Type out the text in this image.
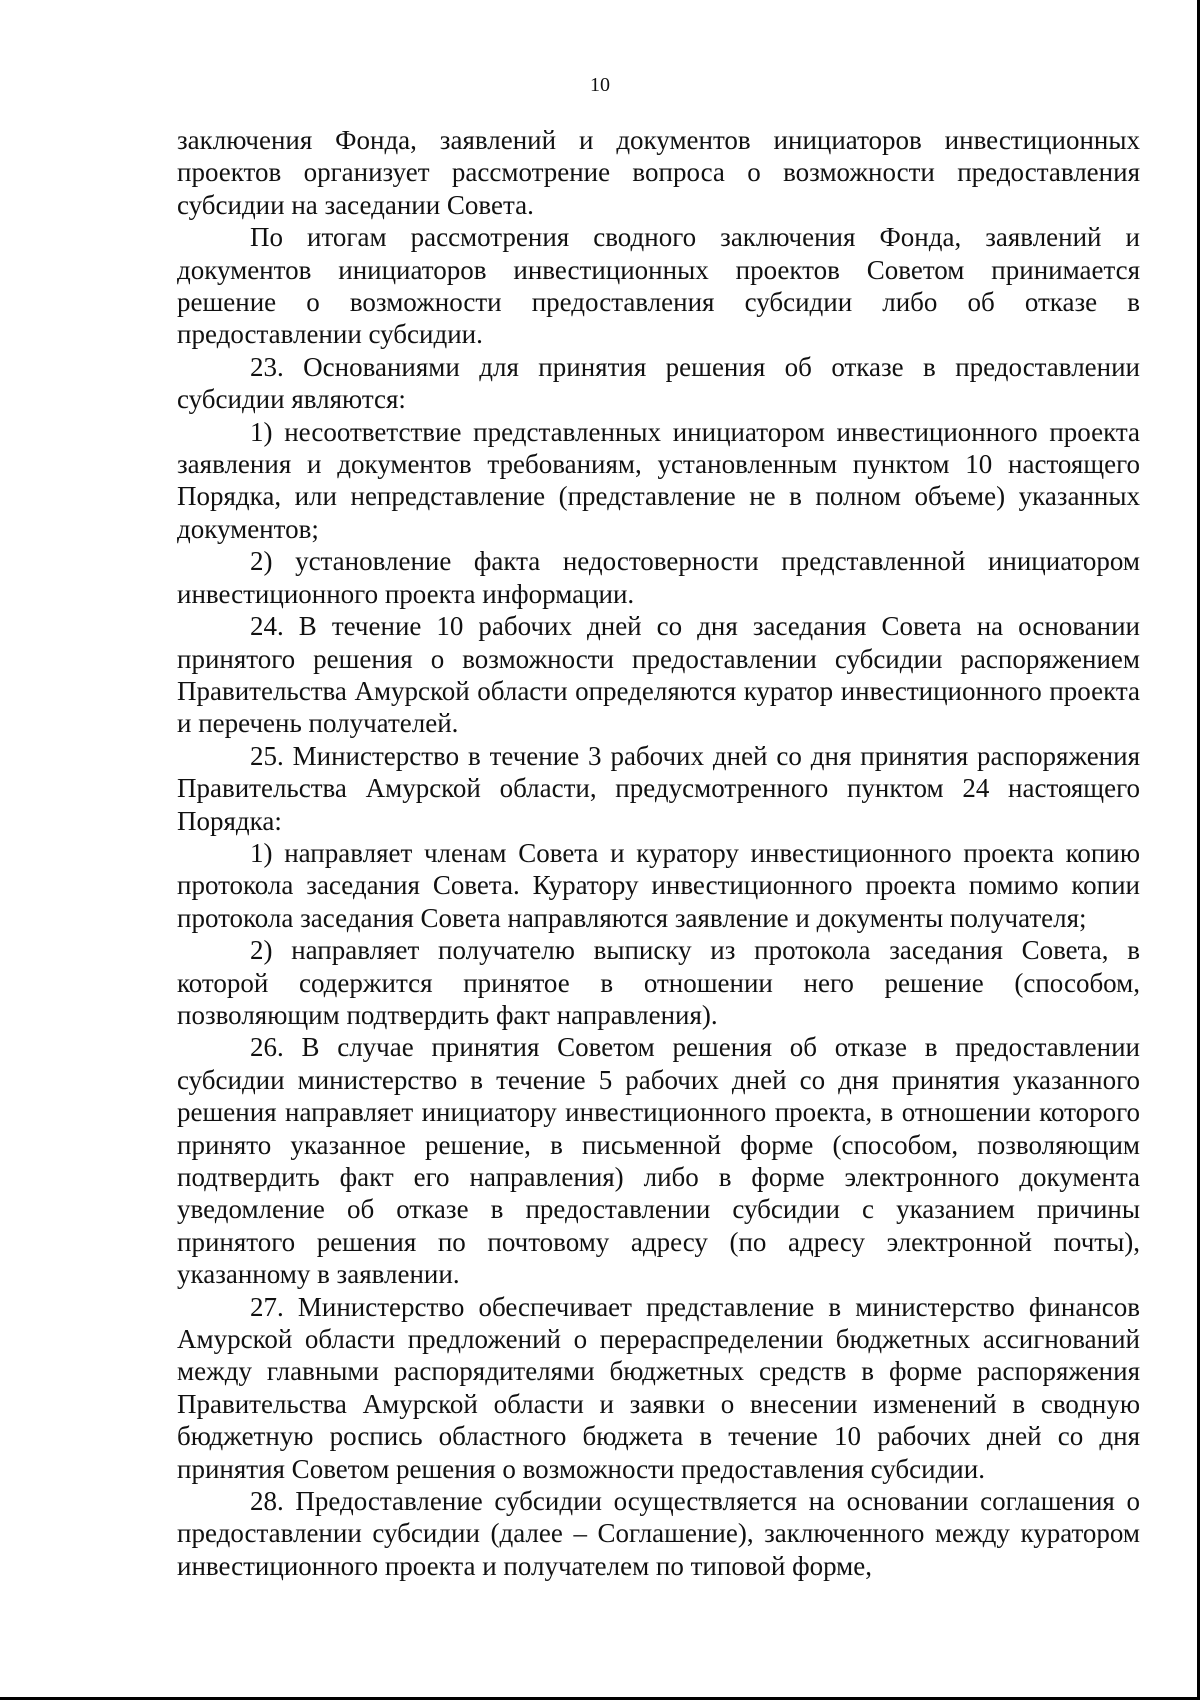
10

заключения Фонда, заявлений и документов инициаторов инвестиционных проектов организует рассмотрение вопроса о возможности предоставления субсидии на заседании Совета.

По итогам рассмотрения сводного заключения Фонда, заявлений и документов инициаторов инвестиционных проектов Советом принимается решение о возможности предоставления субсидии либо об отказе в предоставлении субсидии.

23. Основаниями для принятия решения об отказе в предоставлении субсидии являются:

1) несоответствие представленных инициатором инвестиционного проекта заявления и документов требованиям, установленным пунктом 10 настоящего Порядка, или непредставление (представление не в полном объеме) указанных документов;

2) установление факта недостоверности представленной инициатором инвестиционного проекта информации.

24. В течение 10 рабочих дней со дня заседания Совета на основании принятого решения о возможности предоставлении субсидии распоряжением Правительства Амурской области определяются куратор инвестиционного проекта и перечень получателей.

25. Министерство в течение 3 рабочих дней со дня принятия распоряжения Правительства Амурской области, предусмотренного пунктом 24 настоящего Порядка:

1) направляет членам Совета и куратору инвестиционного проекта копию протокола заседания Совета. Куратору инвестиционного проекта помимо копии протокола заседания Совета направляются заявление и документы получателя;

2) направляет получателю выписку из протокола заседания Совета, в которой содержится принятое в отношении него решение (способом, позволяющим подтвердить факт направления).

26. В случае принятия Советом решения об отказе в предоставлении субсидии министерство в течение 5 рабочих дней со дня принятия указанного решения направляет инициатору инвестиционного проекта, в отношении которого принято указанное решение, в письменной форме (способом, позволяющим подтвердить факт его направления) либо в форме электронного документа уведомление об отказе в предоставлении субсидии с указанием причины принятого решения по почтовому адресу (по адресу электронной почты), указанному в заявлении.

27. Министерство обеспечивает представление в министерство финансов Амурской области предложений о перераспределении бюджетных ассигнований между главными распорядителями бюджетных средств в форме распоряжения Правительства Амурской области и заявки о внесении изменений в сводную бюджетную роспись областного бюджета в течение 10 рабочих дней со дня принятия Советом решения о возможности предоставления субсидии.

28. Предоставление субсидии осуществляется на основании соглашения о предоставлении субсидии (далее – Соглашение), заключенного между куратором инвестиционного проекта и получателем по типовой форме,
